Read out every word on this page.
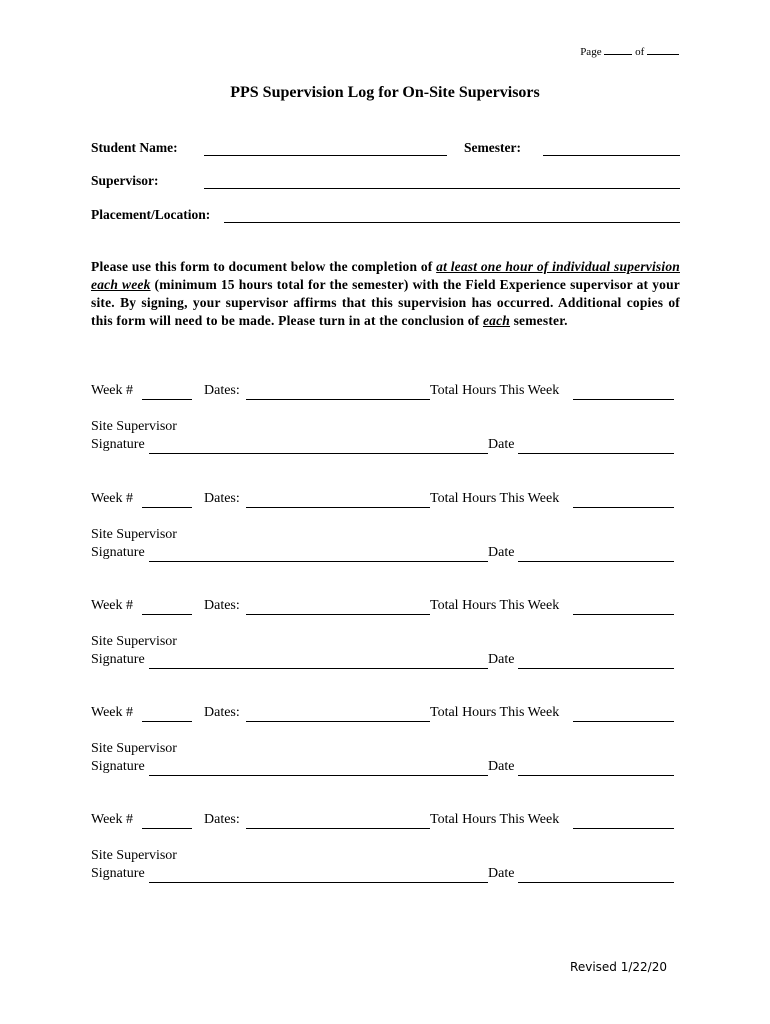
Page	of
PPS Supervision Log for On-Site Supervisors
Student Name:	Semester:
Supervisor:
Placement/Location:
Please use this form to document below the completion of at least one hour of individual supervision each week (minimum 15 hours total for the semester) with the Field Experience supervisor at your site. By signing, your supervisor affirms that this supervision has occurred. Additional copies of this form will need to be made. Please turn in at the conclusion of each semester.
Week #	Dates:	Total Hours This Week
Site Supervisor
Signature	Date
Week #	Dates:	Total Hours This Week
Site Supervisor
Signature	Date
Week #	Dates:	Total Hours This Week
Site Supervisor
Signature	Date
Week #	Dates:	Total Hours This Week
Site Supervisor
Signature	Date
Week #	Dates:	Total Hours This Week
Site Supervisor
Signature	Date
Revised 1/22/20
